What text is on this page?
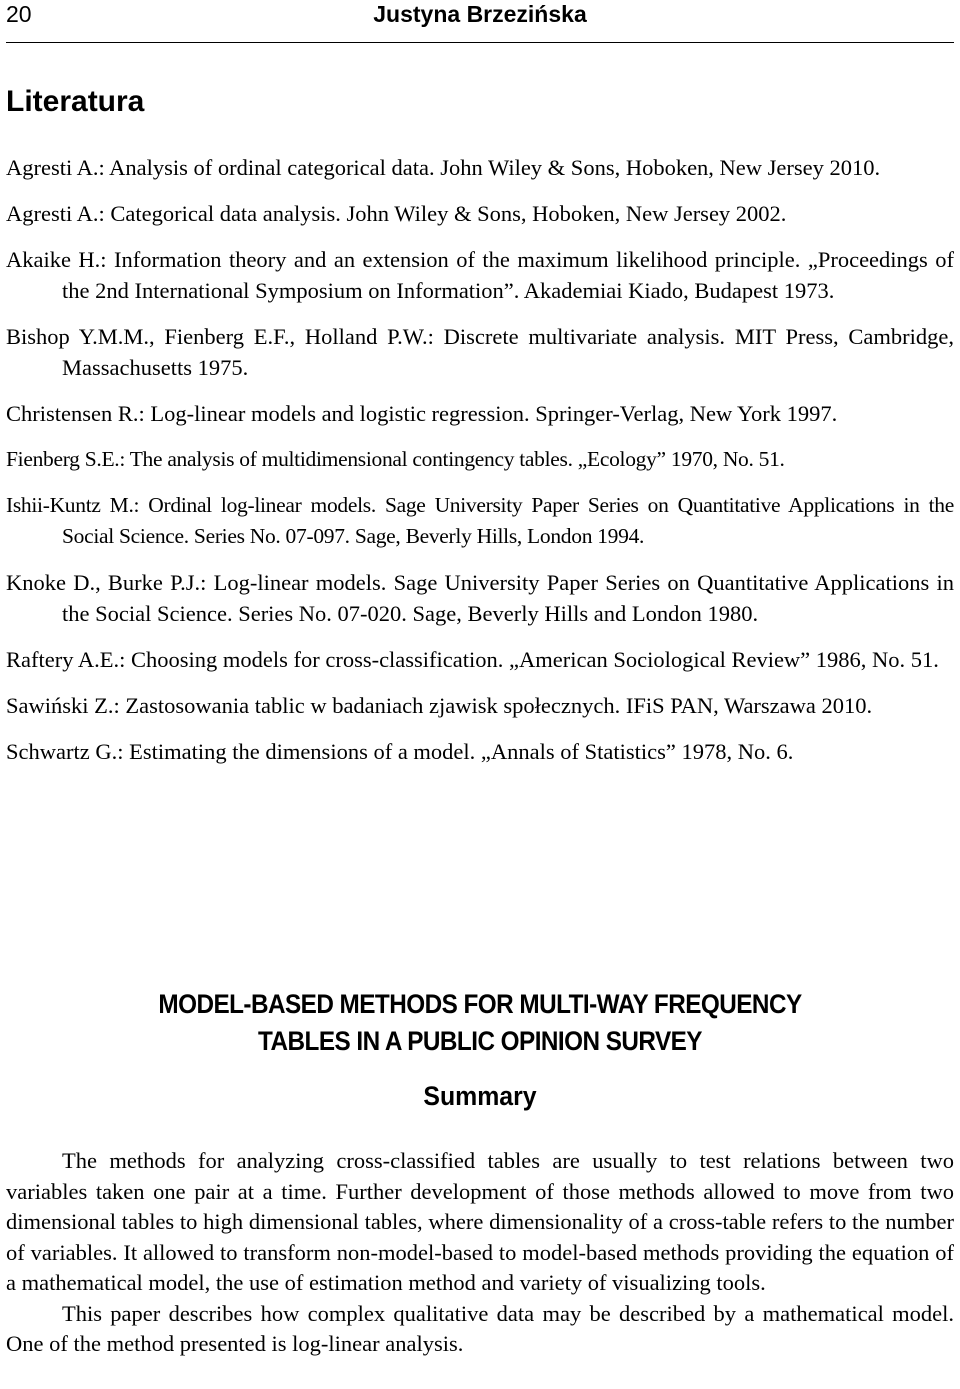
20	Justyna Brzezińska
Literatura

Agresti A.: Analysis of ordinal categorical data. John Wiley & Sons, Hoboken, New Jersey 2010.

Agresti A.: Categorical data analysis. John Wiley & Sons, Hoboken, New Jersey 2002.

Akaike H.: Information theory and an extension of the maximum likelihood principle. „Proceedings of the 2nd International Symposium on Information”. Akademiai Kiado, Budapest 1973.

Bishop Y.M.M., Fienberg E.F., Holland P.W.: Discrete multivariate analysis. MIT Press, Cambridge, Massachusetts 1975.

Christensen R.: Log-linear models and logistic regression. Springer-Verlag, New York 1997.

Fienberg S.E.: The analysis of multidimensional contingency tables. „Ecology” 1970, No. 51.

Ishii-Kuntz M.: Ordinal log-linear models. Sage University Paper Series on Quantitative Applications in the Social Science. Series No. 07-097. Sage, Beverly Hills, London 1994.

Knoke D., Burke P.J.: Log-linear models. Sage University Paper Series on Quantitative Applications in the Social Science. Series No. 07-020. Sage, Beverly Hills and London 1980.

Raftery A.E.: Choosing models for cross-classification. „American Sociological Review” 1986, No. 51.

Sawiński Z.: Zastosowania tablic w badaniach zjawisk społecznych. IFiS PAN, Warszawa 2010.

Schwartz G.: Estimating the dimensions of a model. „Annals of Statistics” 1978, No. 6.

MODEL-BASED METHODS FOR MULTI-WAY FREQUENCY
TABLES IN A PUBLIC OPINION SURVEY
Summary

The methods for analyzing cross-classified tables are usually to test relations between two variables taken one pair at a time. Further development of those methods allowed to move from two dimensional tables to high dimensional tables, where dimensionality of a cross-table refers to the number of variables. It allowed to transform non-model-based to model-based methods providing the equation of a mathematical model, the use of estimation method and variety of visualizing tools.

This paper describes how complex qualitative data may be described by a mathematical model. One of the method presented is log-linear analysis.
